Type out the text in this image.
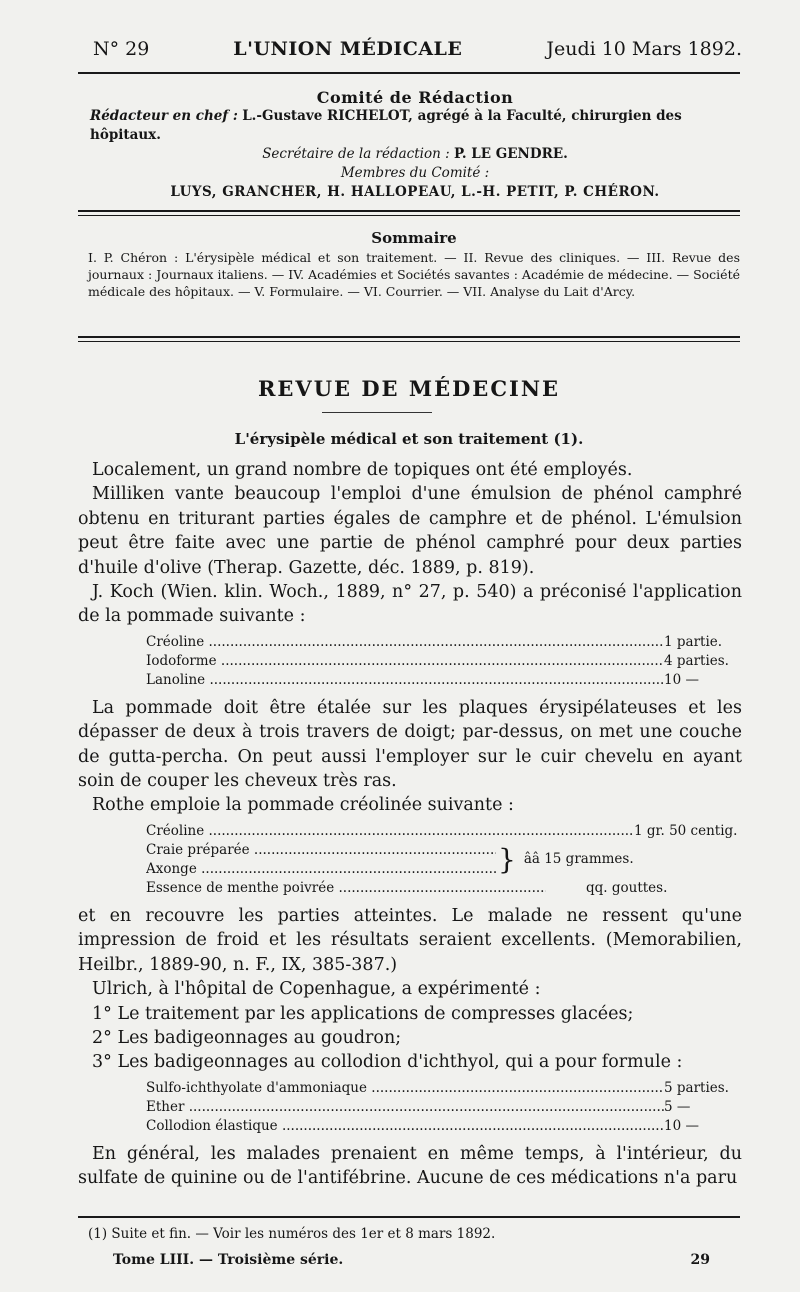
N° 29	L'UNION MÉDICALE	Jeudi 10 Mars 1892.
Comité de Rédaction
Rédacteur en chef : L.-Gustave RICHELOT, agrégé à la Faculté, chirurgien des hôpitaux.
Secrétaire de la rédaction : P. LE GENDRE.
Membres du Comité :
LUYS, GRANCHER, H. HALLOPEAU, L.-H. PETIT, P. CHÉRON.
Sommaire

I. P. Chéron : L'érysipèle médical et son traitement. — II. Revue des cliniques. — III. Revue des journaux : Journaux italiens. — IV. Académies et Sociétés savantes : Académie de médecine. — Société médicale des hôpitaux. — V. Formulaire. — VI. Courrier. — VII. Analyse du Lait d'Arcy.

REVUE DE MÉDECINE
L'érysipèle médical et son traitement (1).

Localement, un grand nombre de topiques ont été employés.

Milliken vante beaucoup l'emploi d'une émulsion de phénol camphré obtenu en triturant parties égales de camphre et de phénol. L'émulsion peut être faite avec une partie de phénol camphré pour deux parties d'huile d'olive (Therap. Gazette, déc. 1889, p. 819).

J. Koch (Wien. klin. Woch., 1889, n° 27, p. 540) a préconisé l'application de la pommade suivante :

Créoline .....	1 partie.
Iodoforme .....	4 parties.
Lanoline .....	10 —

La pommade doit être étalée sur les plaques érysipélateuses et les dépasser de deux à trois travers de doigt; par-dessus, on met une couche de gutta-percha. On peut aussi l'employer sur le cuir chevelu en ayant soin de couper les cheveux très ras.

Rothe emploie la pommade créolinée suivante :

Créoline .....	1 gr. 50 centig.
Craie préparée .....
Axonge .....	} ââ 15 grammes.
Essence de menthe poivrée .....	qq. gouttes.

et en recouvre les parties atteintes. Le malade ne ressent qu'une impression de froid et les résultats seraient excellents. (Memorabilien, Heilbr., 1889-90, n. F., IX, 385-387.)

Ulrich, à l'hôpital de Copenhague, a expérimenté :

1° Le traitement par les applications de compresses glacées;

2° Les badigeonnages au goudron;

3° Les badigeonnages au collodion d'ichthyol, qui a pour formule :

Sulfo-ichthyolate d'ammoniaque .....	5 parties.
Ether .....	5 —
Collodion élastique .....	10 —

En général, les malades prenaient en même temps, à l'intérieur, du sulfate de quinine ou de l'antifébrine. Aucune de ces médications n'a paru

(1) Suite et fin. — Voir les numéros des 1er et 8 mars 1892.
Tome LIII. — Troisième série.	29
